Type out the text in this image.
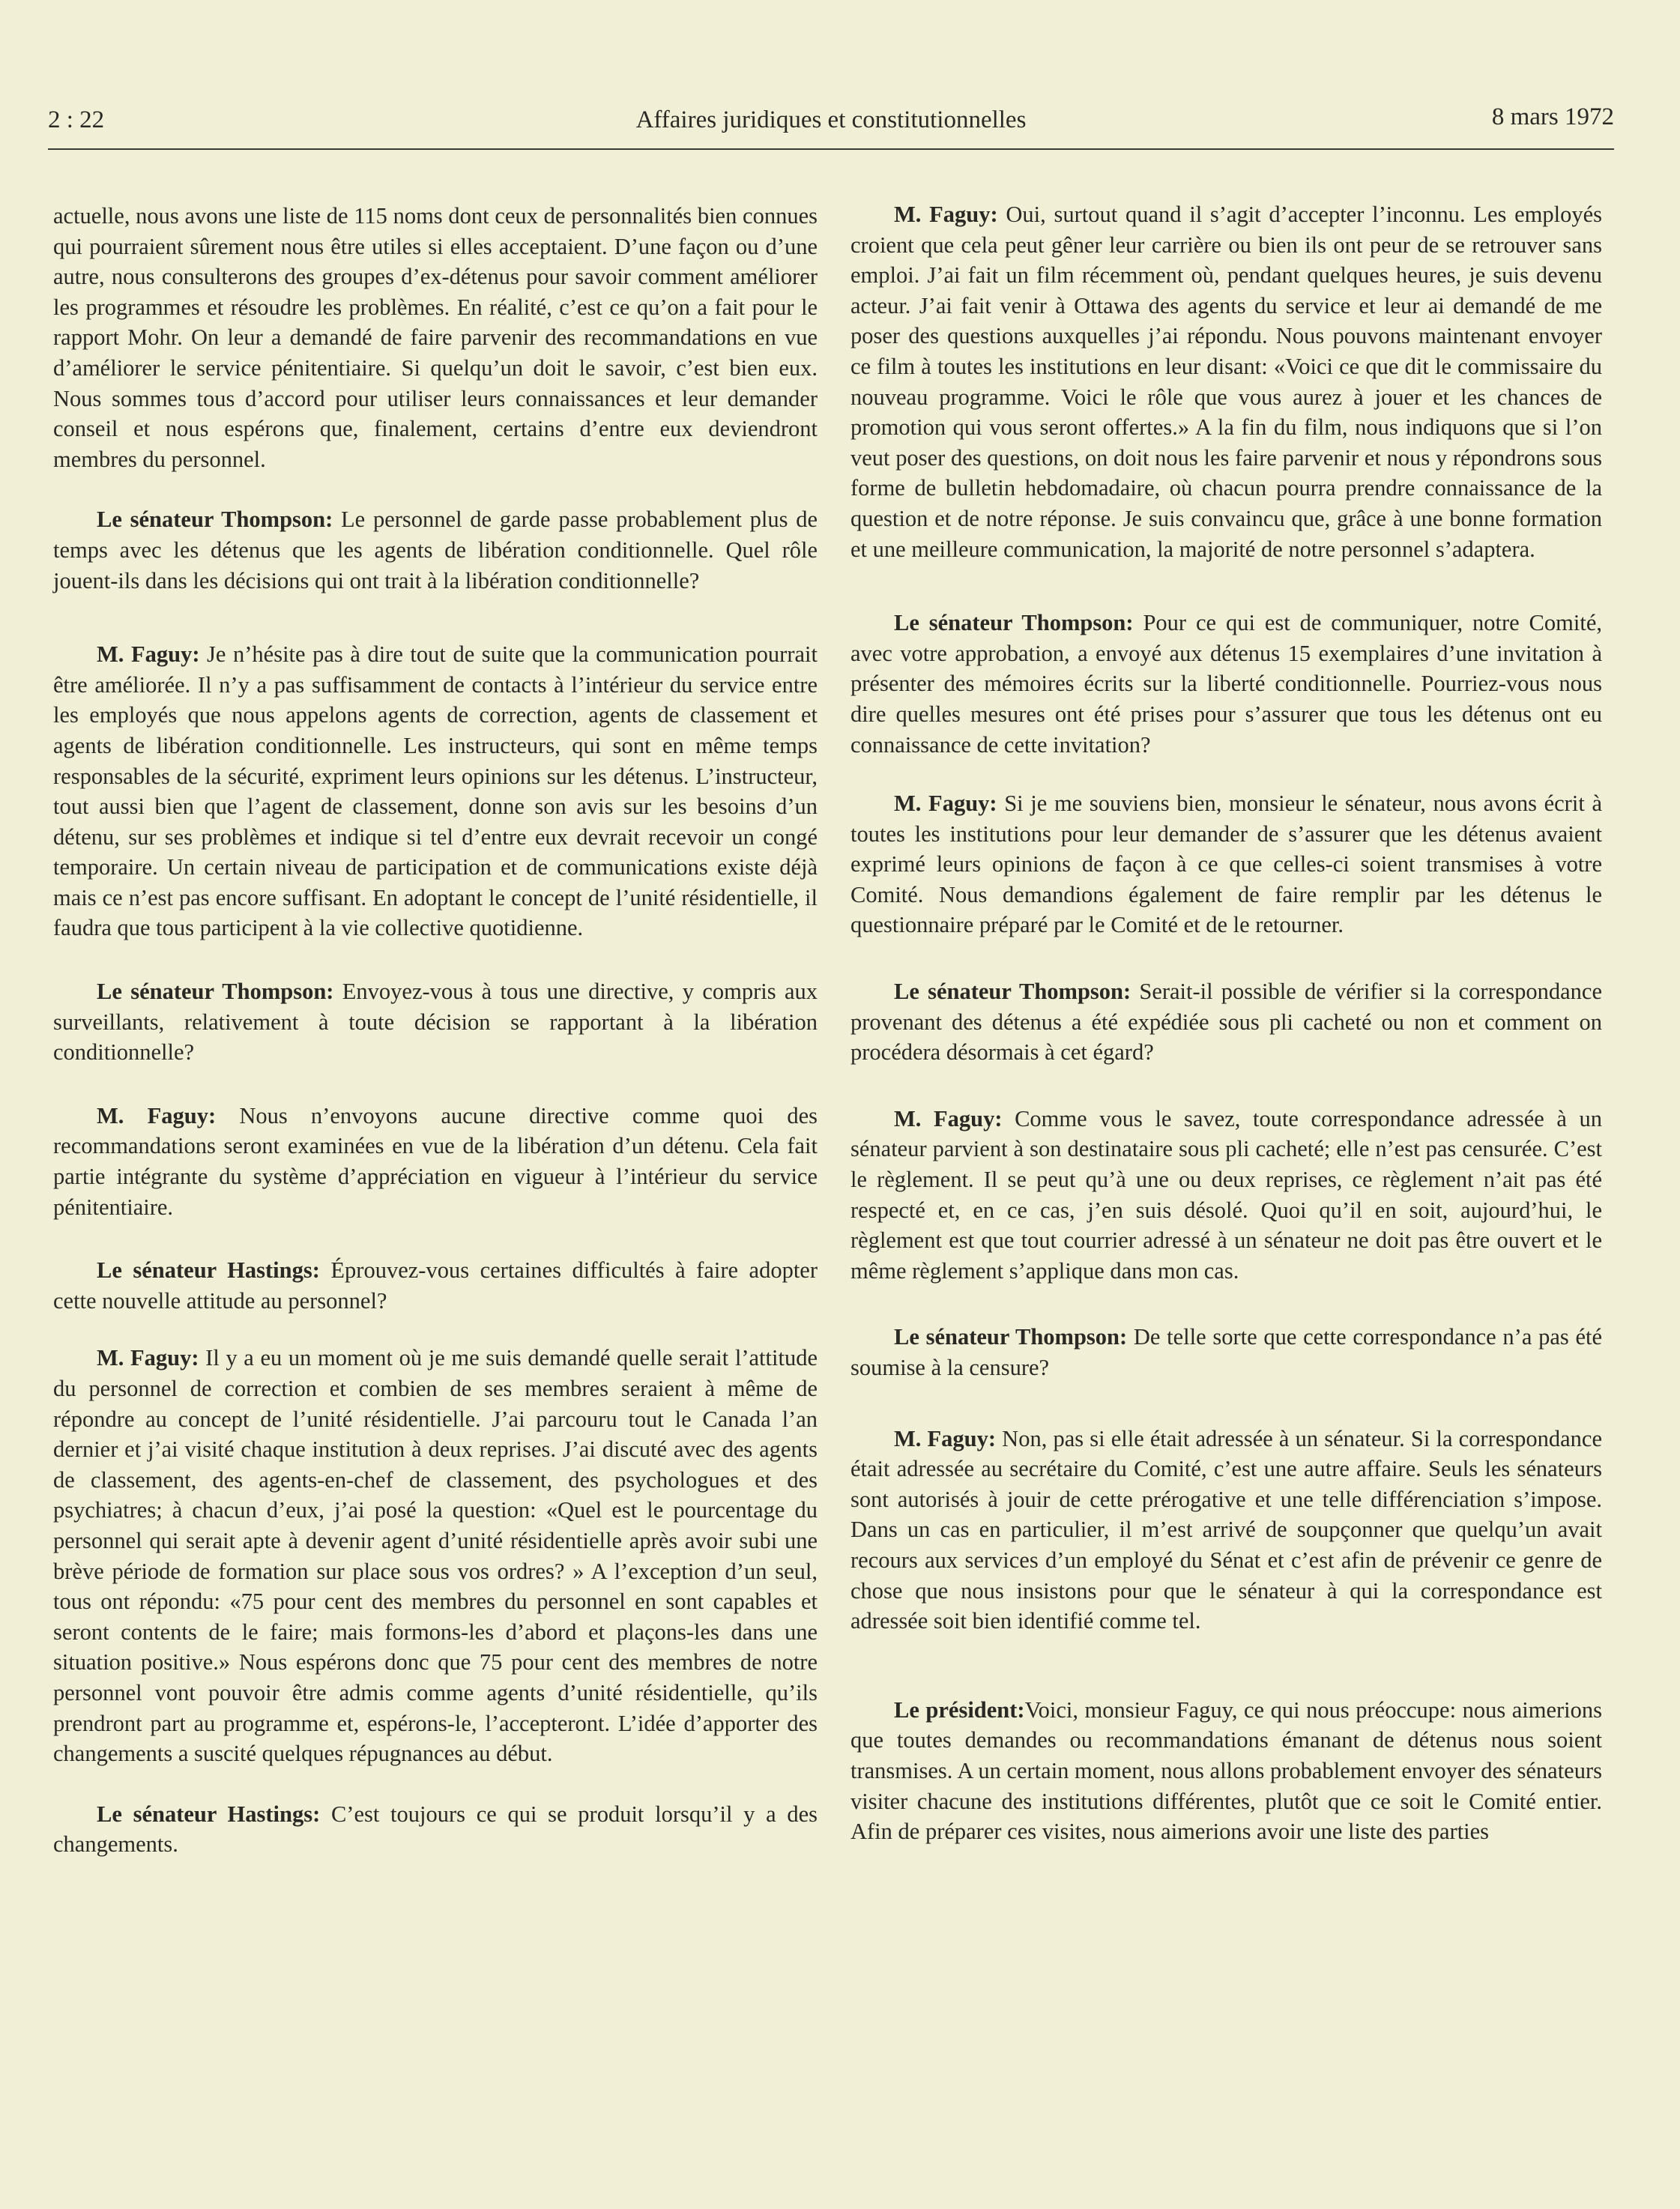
2 : 22	Affaires juridiques et constitutionnelles	8 mars 1972

actuelle, nous avons une liste de 115 noms dont ceux de personnalités bien connues qui pourraient sûrement nous être utiles si elles acceptaient. D’une façon ou d’une autre, nous consulterons des groupes d’ex-détenus pour savoir comment améliorer les programmes et résoudre les problèmes. En réalité, c’est ce qu’on a fait pour le rapport Mohr. On leur a demandé de faire parvenir des recommandations en vue d’améliorer le service pénitentiaire. Si quelqu’un doit le savoir, c’est bien eux. Nous sommes tous d’accord pour utiliser leurs connaissances et leur demander conseil et nous espérons que, finalement, certains d’entre eux deviendront membres du personnel.

Le sénateur Thompson: Le personnel de garde passe probablement plus de temps avec les détenus que les agents de libération conditionnelle. Quel rôle jouent-ils dans les décisions qui ont trait à la libération conditionnelle?

M. Faguy: Je n’hésite pas à dire tout de suite que la communication pourrait être améliorée. Il n’y a pas suffisamment de contacts à l’intérieur du service entre les employés que nous appelons agents de correction, agents de classement et agents de libération conditionnelle. Les instructeurs, qui sont en même temps responsables de la sécurité, expriment leurs opinions sur les détenus. L’instructeur, tout aussi bien que l’agent de classement, donne son avis sur les besoins d’un détenu, sur ses problèmes et indique si tel d’entre eux devrait recevoir un congé temporaire. Un certain niveau de participation et de communications existe déjà mais ce n’est pas encore suffisant. En adoptant le concept de l’unité résidentielle, il faudra que tous participent à la vie collective quotidienne.

Le sénateur Thompson: Envoyez-vous à tous une directive, y compris aux surveillants, relativement à toute décision se rapportant à la libération conditionnelle?

M. Faguy: Nous n’envoyons aucune directive comme quoi des recommandations seront examinées en vue de la libération d’un détenu. Cela fait partie intégrante du système d’appréciation en vigueur à l’intérieur du service pénitentiaire.

Le sénateur Hastings: Éprouvez-vous certaines difficultés à faire adopter cette nouvelle attitude au personnel?

M. Faguy: Il y a eu un moment où je me suis demandé quelle serait l’attitude du personnel de correction et combien de ses membres seraient à même de répondre au concept de l’unité résidentielle. J’ai parcouru tout le Canada l’an dernier et j’ai visité chaque institution à deux reprises. J’ai discuté avec des agents de classement, des agents-en-chef de classement, des psychologues et des psychiatres; à chacun d’eux, j’ai posé la question: «Quel est le pourcentage du personnel qui serait apte à devenir agent d’unité résidentielle après avoir subi une brève période de formation sur place sous vos ordres? » A l’exception d’un seul, tous ont répondu: «75 pour cent des membres du personnel en sont capables et seront contents de le faire; mais formons-les d’abord et plaçons-les dans une situation positive.» Nous espérons donc que 75 pour cent des membres de notre personnel vont pouvoir être admis comme agents d’unité résidentielle, qu’ils prendront part au programme et, espérons-le, l’accepteront. L’idée d’apporter des changements a suscité quelques répugnances au début.

Le sénateur Hastings: C’est toujours ce qui se produit lorsqu’il y a des changements.

M. Faguy: Oui, surtout quand il s’agit d’accepter l’inconnu. Les employés croient que cela peut gêner leur carrière ou bien ils ont peur de se retrouver sans emploi. J’ai fait un film récemment où, pendant quelques heures, je suis devenu acteur. J’ai fait venir à Ottawa des agents du service et leur ai demandé de me poser des questions auxquelles j’ai répondu. Nous pouvons maintenant envoyer ce film à toutes les institutions en leur disant: «Voici ce que dit le commissaire du nouveau programme. Voici le rôle que vous aurez à jouer et les chances de promotion qui vous seront offertes.» A la fin du film, nous indiquons que si l’on veut poser des questions, on doit nous les faire parvenir et nous y répondrons sous forme de bulletin hebdomadaire, où chacun pourra prendre connaissance de la question et de notre réponse. Je suis convaincu que, grâce à une bonne formation et une meilleure communication, la majorité de notre personnel s’adaptera.

Le sénateur Thompson: Pour ce qui est de communiquer, notre Comité, avec votre approbation, a envoyé aux détenus 15 exemplaires d’une invitation à présenter des mémoires écrits sur la liberté conditionnelle. Pourriez-vous nous dire quelles mesures ont été prises pour s’assurer que tous les détenus ont eu connaissance de cette invitation?

M. Faguy: Si je me souviens bien, monsieur le sénateur, nous avons écrit à toutes les institutions pour leur demander de s’assurer que les détenus avaient exprimé leurs opinions de façon à ce que celles-ci soient transmises à votre Comité. Nous demandions également de faire remplir par les détenus le questionnaire préparé par le Comité et de le retourner.

Le sénateur Thompson: Serait-il possible de vérifier si la correspondance provenant des détenus a été expédiée sous pli cacheté ou non et comment on procédera désormais à cet égard?

M. Faguy: Comme vous le savez, toute correspondance adressée à un sénateur parvient à son destinataire sous pli cacheté; elle n’est pas censurée. C’est le règlement. Il se peut qu’à une ou deux reprises, ce règlement n’ait pas été respecté et, en ce cas, j’en suis désolé. Quoi qu’il en soit, aujourd’hui, le règlement est que tout courrier adressé à un sénateur ne doit pas être ouvert et le même règlement s’applique dans mon cas.

Le sénateur Thompson: De telle sorte que cette correspondance n’a pas été soumise à la censure?

M. Faguy: Non, pas si elle était adressée à un sénateur. Si la correspondance était adressée au secrétaire du Comité, c’est une autre affaire. Seuls les sénateurs sont autorisés à jouir de cette prérogative et une telle différenciation s’impose. Dans un cas en particulier, il m’est arrivé de soupçonner que quelqu’un avait recours aux services d’un employé du Sénat et c’est afin de prévenir ce genre de chose que nous insistons pour que le sénateur à qui la correspondance est adressée soit bien identifié comme tel.

Le président:Voici, monsieur Faguy, ce qui nous préoccupe: nous aimerions que toutes demandes ou recommandations émanant de détenus nous soient transmises. A un certain moment, nous allons probablement envoyer des sénateurs visiter chacune des institutions différentes, plutôt que ce soit le Comité entier. Afin de préparer ces visites, nous aimerions avoir une liste des parties
